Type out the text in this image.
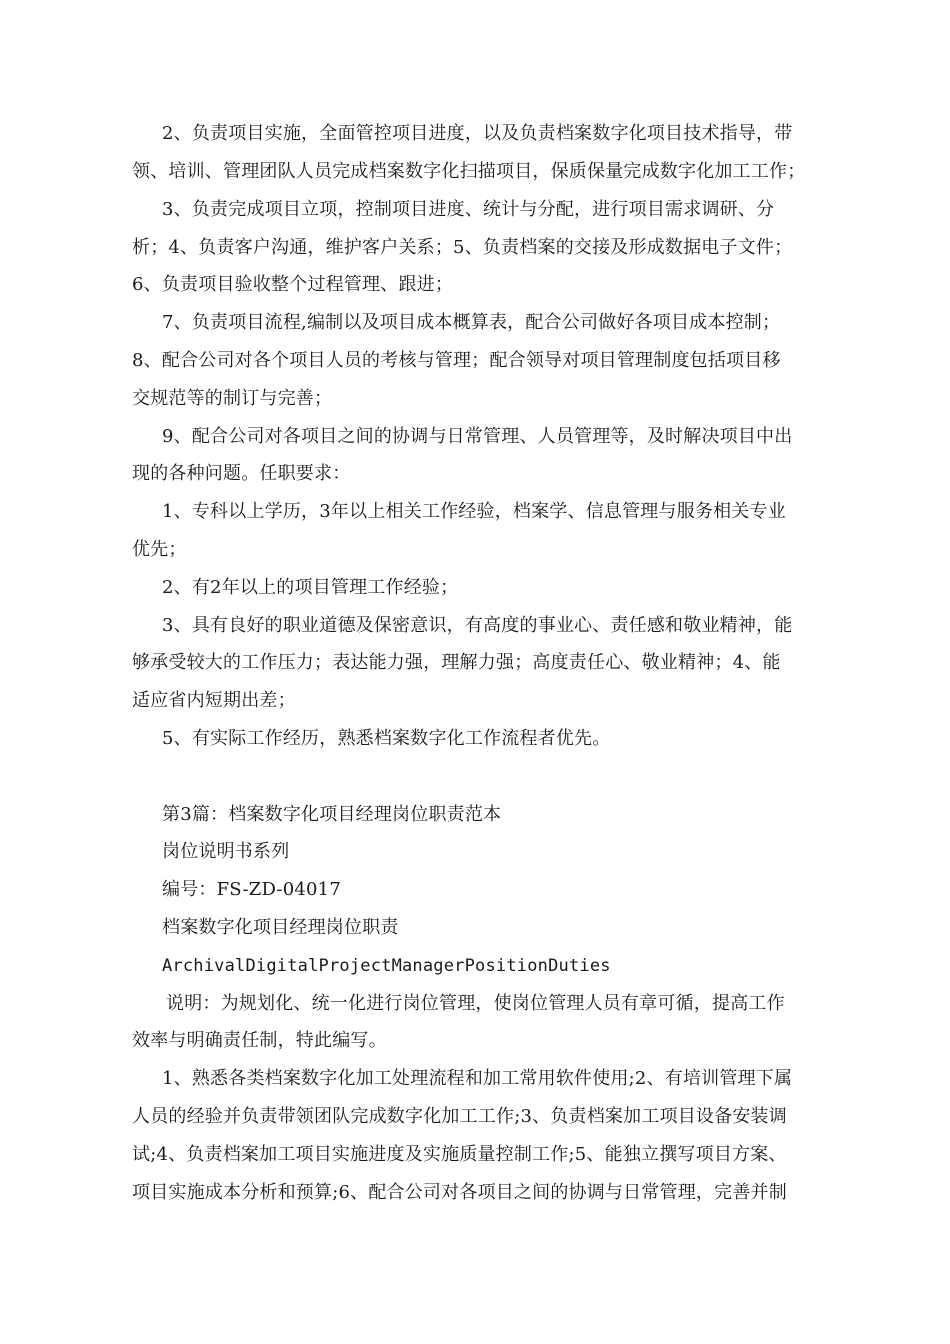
2、负责项目实施，全面管控项目进度，以及负责档案数字化项目技术指导，带
领、培训、管理团队人员完成档案数字化扫描项目，保质保量完成数字化加工工作；
3、负责完成项目立项，控制项目进度、统计与分配，进行项目需求调研、分
析；4、负责客户沟通，维护客户关系；5、负责档案的交接及形成数据电子文件；
6、负责项目验收整个过程管理、跟进；
7、负责项目流程,编制以及项目成本概算表，配合公司做好各项目成本控制；
8、配合公司对各个项目人员的考核与管理；配合领导对项目管理制度包括项目移
交规范等的制订与完善；
9、配合公司对各项目之间的协调与日常管理、人员管理等，及时解决项目中出
现的各种问题。任职要求：
1、专科以上学历，3年以上相关工作经验，档案学、信息管理与服务相关专业
优先；
2、有2年以上的项目管理工作经验；
3、具有良好的职业道德及保密意识，有高度的事业心、责任感和敬业精神，能
够承受较大的工作压力；表达能力强，理解力强；高度责任心、敬业精神；4、能
适应省内短期出差；
5、有实际工作经历，熟悉档案数字化工作流程者优先。
第3篇：档案数字化项目经理岗位职责范本
岗位说明书系列
编号：FS-ZD-04017
档案数字化项目经理岗位职责
ArchivalDigitalProjectManagerPositionDuties
说明：为规划化、统一化进行岗位管理，使岗位管理人员有章可循，提高工作
效率与明确责任制，特此编写。
1、熟悉各类档案数字化加工处理流程和加工常用软件使用;2、有培训管理下属
人员的经验并负责带领团队完成数字化加工工作;3、负责档案加工项目设备安装调
试;4、负责档案加工项目实施进度及实施质量控制工作;5、能独立撰写项目方案、
项目实施成本分析和预算;6、配合公司对各项目之间的协调与日常管理，完善并制
